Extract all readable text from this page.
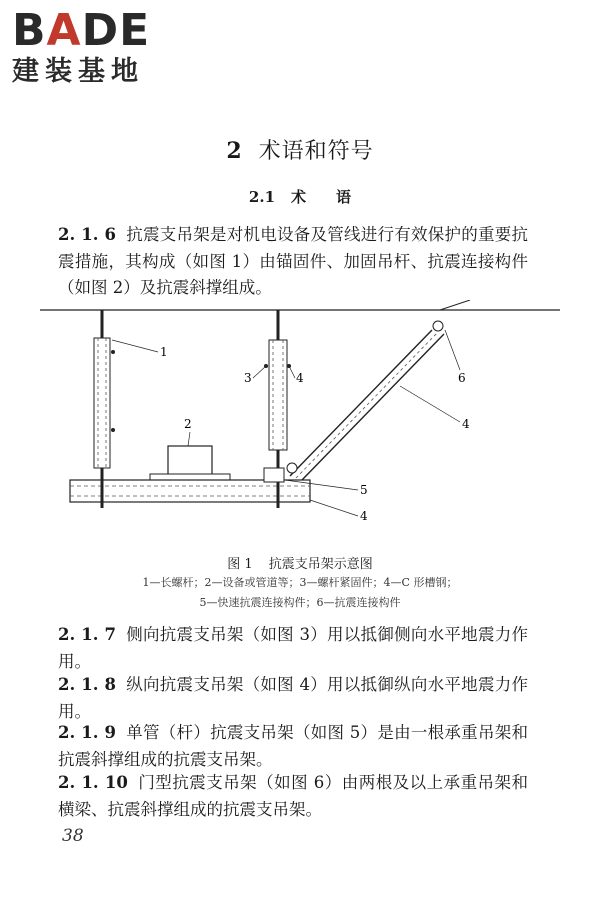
BADE
建装基地
2 术语和符号
2.1 术 语
2. 1. 6 抗震支吊架是对机电设备及管线进行有效保护的重要抗震措施，其构成（如图 1）由锚固件、加固吊杆、抗震连接构件（如图 2）及抗震斜撑组成。
1
2
3	4	6
4
5
4
图 1 抗震支吊架示意图
1—长螺杆；2—设备或管道等；3—螺杆紧固件；4—C 形槽钢；
5—快速抗震连接构件；6—抗震连接构件
2. 1. 7 侧向抗震支吊架（如图 3）用以抵御侧向水平地震力作用。
2. 1. 8 纵向抗震支吊架（如图 4）用以抵御纵向水平地震力作用。
2. 1. 9 单管（杆）抗震支吊架（如图 5）是由一根承重吊架和抗震斜撑组成的抗震支吊架。
2. 1. 10 门型抗震支吊架（如图 6）由两根及以上承重吊架和横梁、抗震斜撑组成的抗震支吊架。
38
